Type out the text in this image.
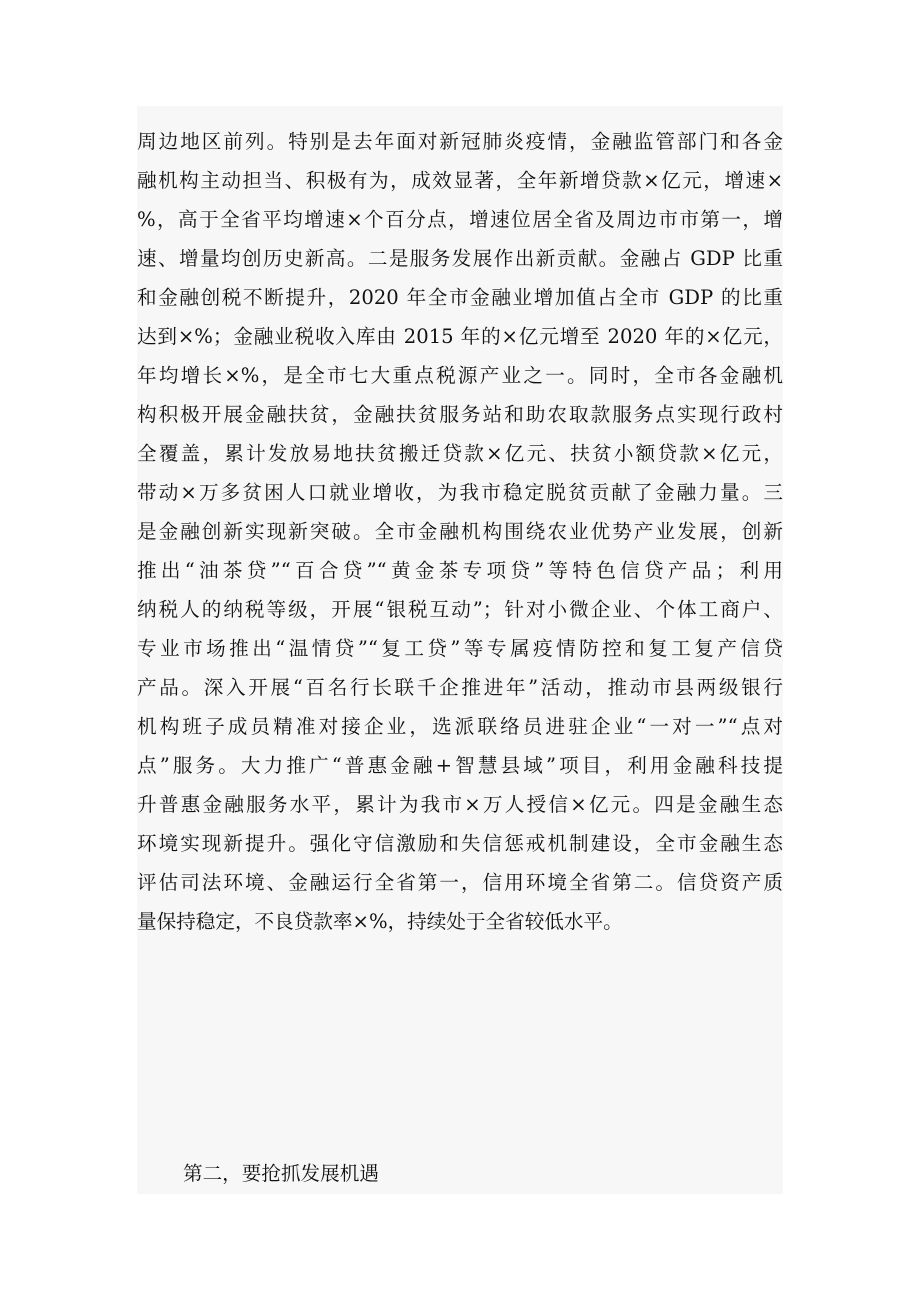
周边地区前列。特别是去年面对新冠肺炎疫情，金融监管部门和各金
融机构主动担当、积极有为，成效显著，全年新增贷款×亿元，增速×
%，高于全省平均增速×个百分点，增速位居全省及周边市市第一，增
速、增量均创历史新高。二是服务发展作出新贡献。金融占 GDP 比重
和金融创税不断提升，2020 年全市金融业增加值占全市 GDP 的比重
达到×%；金融业税收入库由 2015 年的×亿元增至 2020 年的×亿元，
年均增长×%，是全市七大重点税源产业之一。同时，全市各金融机
构积极开展金融扶贫，金融扶贫服务站和助农取款服务点实现行政村
全覆盖，累计发放易地扶贫搬迁贷款×亿元、扶贫小额贷款×亿元，
带动×万多贫困人口就业增收，为我市稳定脱贫贡献了金融力量。三
是金融创新实现新突破。全市金融机构围绕农业优势产业发展，创新
推出“油茶贷”“百合贷”“黄金茶专项贷”等特色信贷产品；利用
纳税人的纳税等级，开展“银税互动”；针对小微企业、个体工商户、
专业市场推出“温情贷”“复工贷”等专属疫情防控和复工复产信贷
产品。深入开展“百名行长联千企推进年”活动，推动市县两级银行
机构班子成员精准对接企业，选派联络员进驻企业“一对一”“点对
点”服务。大力推广“普惠金融+智慧县域”项目，利用金融科技提
升普惠金融服务水平，累计为我市×万人授信×亿元。四是金融生态
环境实现新提升。强化守信激励和失信惩戒机制建设，全市金融生态
评估司法环境、金融运行全省第一，信用环境全省第二。信贷资产质
量保持稳定，不良贷款率×%，持续处于全省较低水平。
第二，要抢抓发展机遇
